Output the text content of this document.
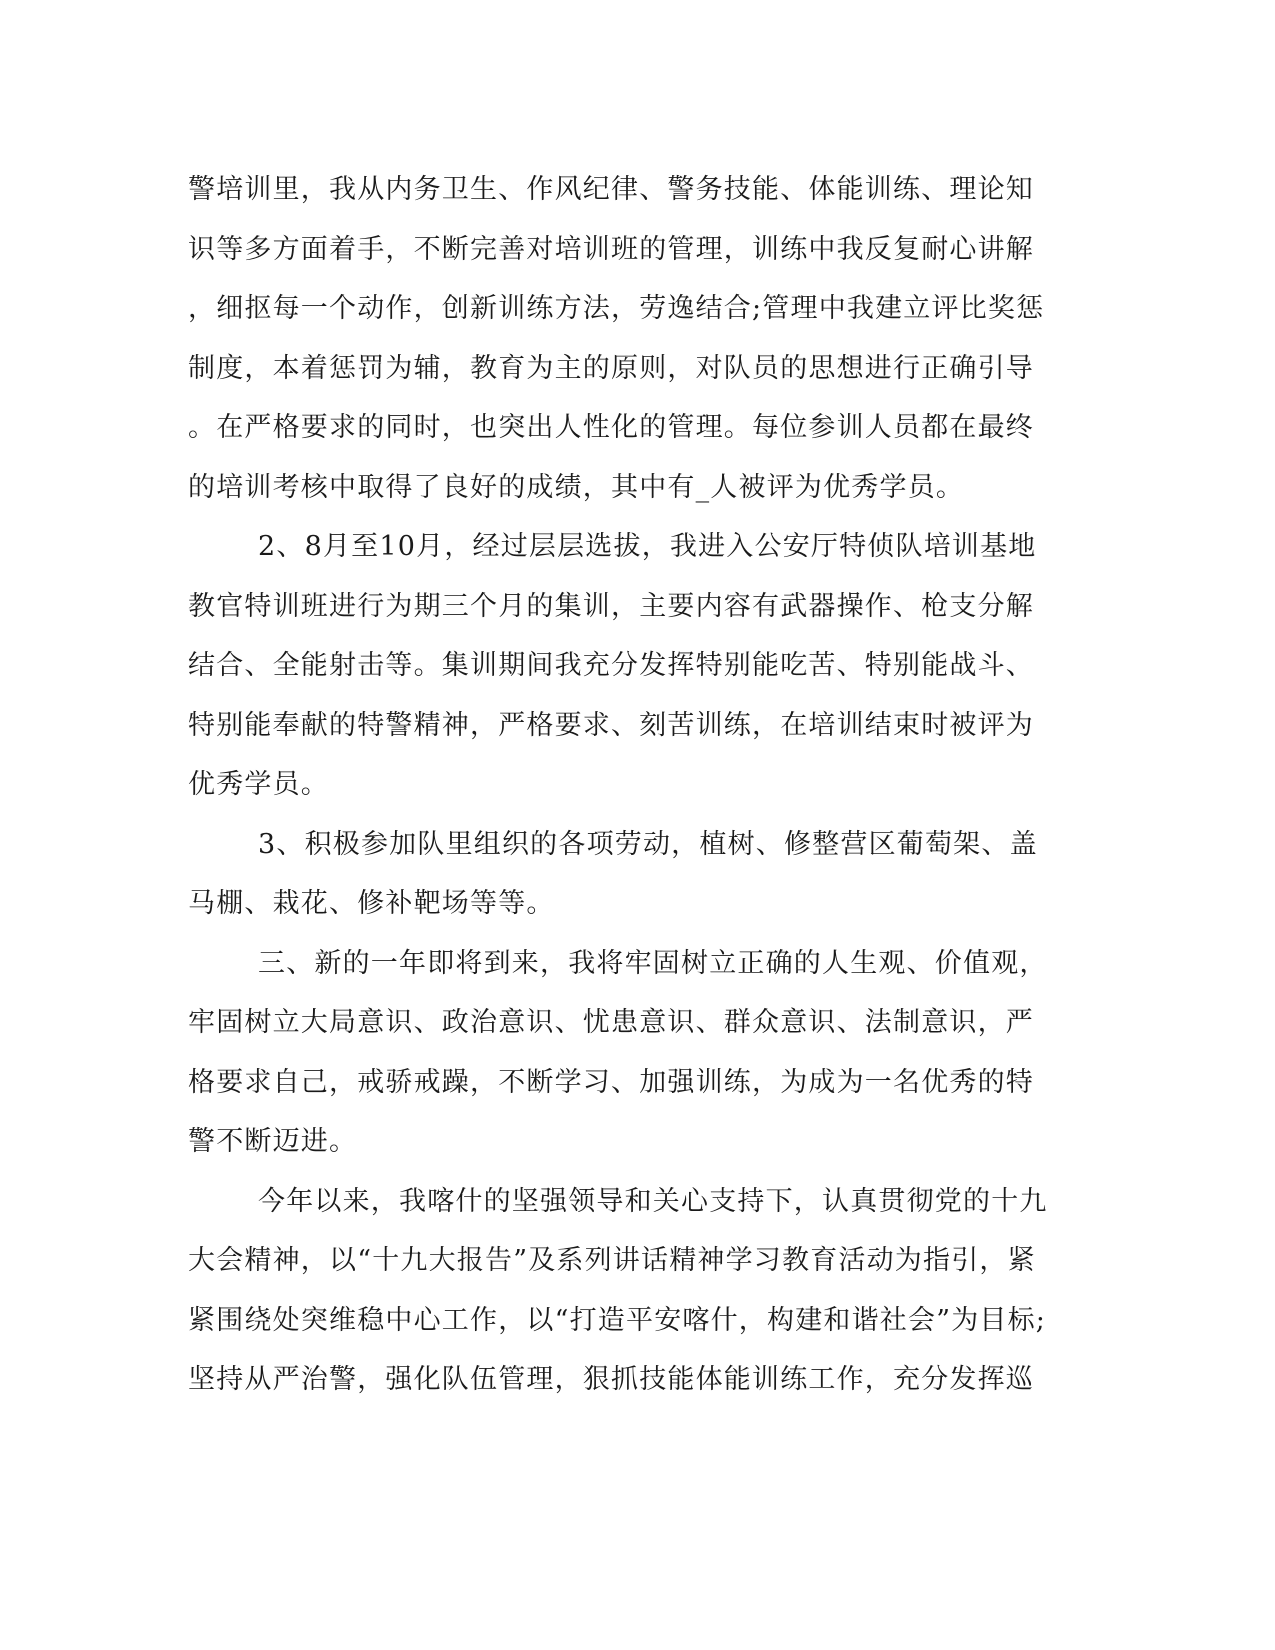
警培训里，我从内务卫生、作风纪律、警务技能、体能训练、理论知
识等多方面着手，不断完善对培训班的管理，训练中我反复耐心讲解
，细抠每一个动作，创新训练方法，劳逸结合;管理中我建立评比奖惩
制度，本着惩罚为辅，教育为主的原则，对队员的思想进行正确引导
。在严格要求的同时，也突出人性化的管理。每位参训人员都在最终
的培训考核中取得了良好的成绩，其中有_人被评为优秀学员。
2、8月至10月，经过层层选拔，我进入公安厅特侦队培训基地
教官特训班进行为期三个月的集训，主要内容有武器操作、枪支分解
结合、全能射击等。集训期间我充分发挥特别能吃苦、特别能战斗、
特别能奉献的特警精神，严格要求、刻苦训练，在培训结束时被评为
优秀学员。
3、积极参加队里组织的各项劳动，植树、修整营区葡萄架、盖
马棚、栽花、修补靶场等等。
三、新的一年即将到来，我将牢固树立正确的人生观、价值观，
牢固树立大局意识、政治意识、忧患意识、群众意识、法制意识，严
格要求自己，戒骄戒躁，不断学习、加强训练，为成为一名优秀的特
警不断迈进。
今年以来，我喀什的坚强领导和关心支持下，认真贯彻党的十九
大会精神，以“十九大报告”及系列讲话精神学习教育活动为指引，紧
紧围绕处突维稳中心工作，以“打造平安喀什，构建和谐社会”为目标;
坚持从严治警，强化队伍管理，狠抓技能体能训练工作，充分发挥巡
